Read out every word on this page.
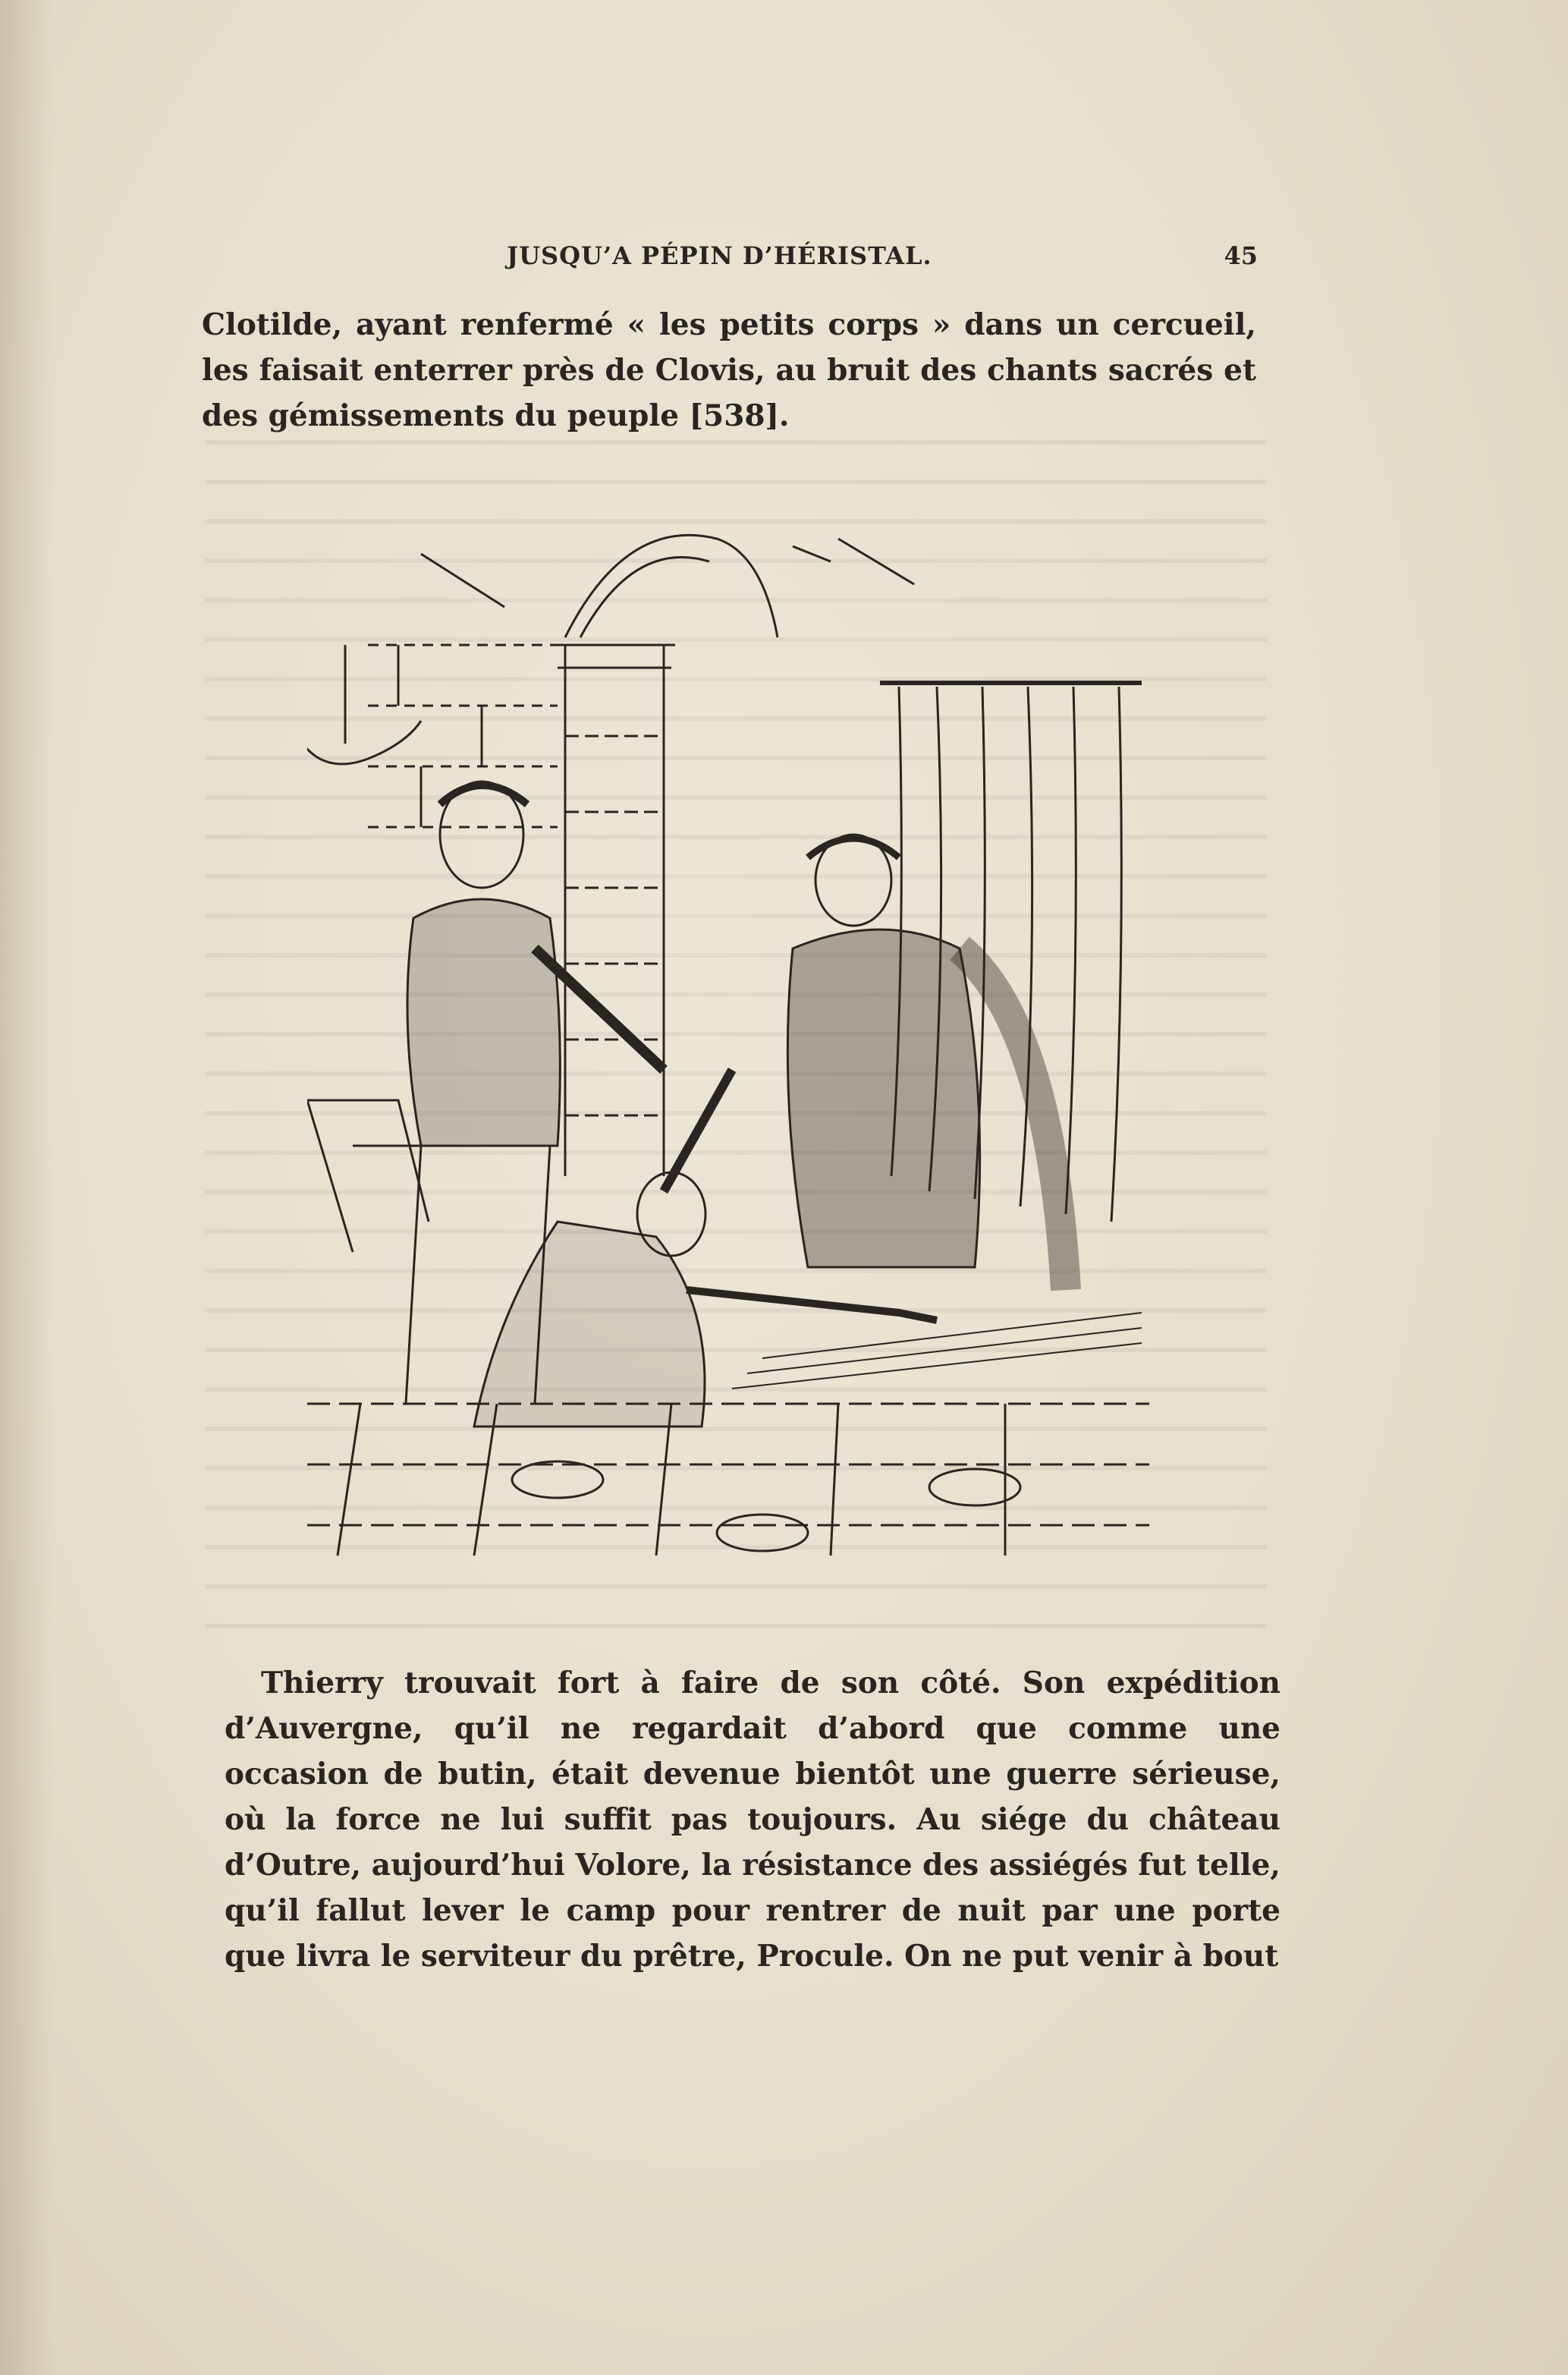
JUSQU’A PÉPIN D’HÉRISTAL.	45

Clotilde, ayant renfermé « les petits corps » dans un cercueil, les faisait enterrer près de Clovis, au bruit des chants sacrés et des gémissements du peuple [538].

Thierry trouvait fort à faire de son côté. Son expédition d’Auvergne, qu’il ne regardait d’abord que comme une occasion de butin, était devenue bientôt une guerre sérieuse, où la force ne lui suffit pas toujours. Au siége du château d’Outre, aujourd’hui Volore, la résistance des assiégés fut telle, qu’il fallut lever le camp pour rentrer de nuit par une porte que livra le serviteur du prêtre, Procule. On ne put venir à bout
